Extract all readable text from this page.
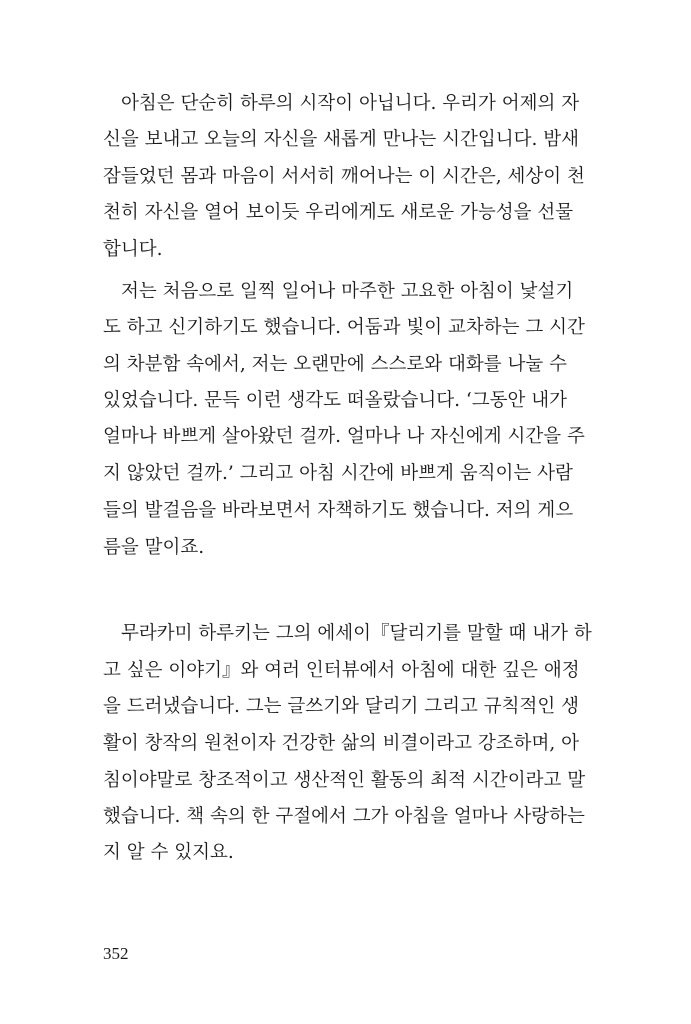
아침은 단순히 하루의 시작이 아닙니다. 우리가 어제의 자
신을 보내고 오늘의 자신을 새롭게 만나는 시간입니다. 밤새
잠들었던 몸과 마음이 서서히 깨어나는 이 시간은, 세상이 천
천히 자신을 열어 보이듯 우리에게도 새로운 가능성을 선물
합니다.
저는 처음으로 일찍 일어나 마주한 고요한 아침이 낯설기
도 하고 신기하기도 했습니다. 어둠과 빛이 교차하는 그 시간
의 차분함 속에서, 저는 오랜만에 스스로와 대화를 나눌 수
있었습니다. 문득 이런 생각도 떠올랐습니다. ‘그동안 내가
얼마나 바쁘게 살아왔던 걸까. 얼마나 나 자신에게 시간을 주
지 않았던 걸까.’ 그리고 아침 시간에 바쁘게 움직이는 사람
들의 발걸음을 바라보면서 자책하기도 했습니다. 저의 게으
름을 말이죠.
무라카미 하루키는 그의 에세이『달리기를 말할 때 내가 하
고 싶은 이야기』와 여러 인터뷰에서 아침에 대한 깊은 애정
을 드러냈습니다. 그는 글쓰기와 달리기 그리고 규칙적인 생
활이 창작의 원천이자 건강한 삶의 비결이라고 강조하며, 아
침이야말로 창조적이고 생산적인 활동의 최적 시간이라고 말
했습니다. 책 속의 한 구절에서 그가 아침을 얼마나 사랑하는
지 알 수 있지요.
352
